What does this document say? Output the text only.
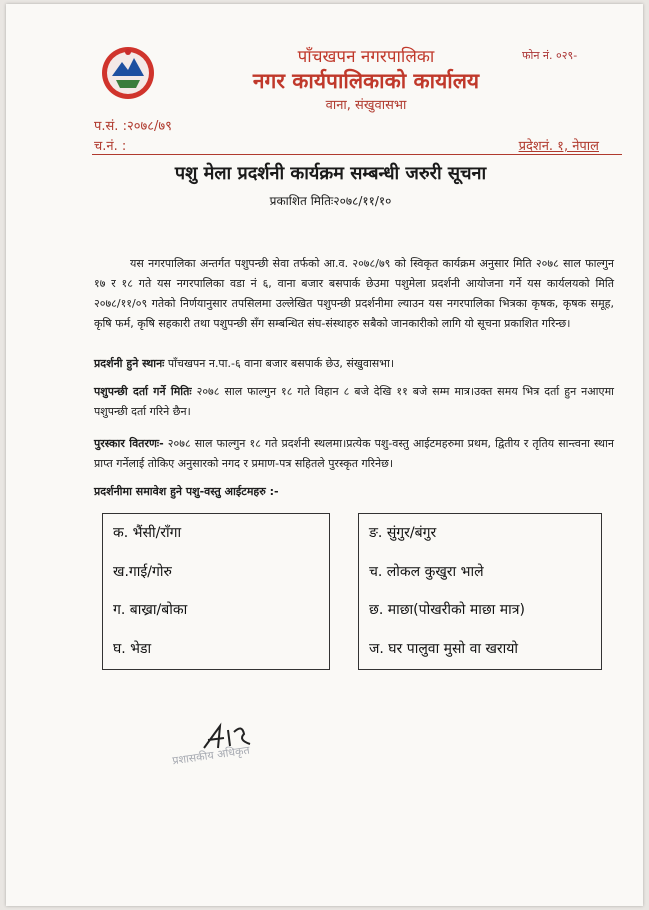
पाँचखपन नगरपालिका
नगर कार्यपालिकाको कार्यालय
वाना, संखुवासभा
फोन नं. ०२९-
प.सं. :२०७८/७९
च.नं. :	प्रदेशनं. १, नेपाल
पशु मेला प्रदर्शनी कार्यक्रम सम्बन्धी जरुरी सूचना
प्रकाशित मितिः२०७८/११/१०
यस नगरपालिका अन्तर्गत पशुपन्छी सेवा तर्फको आ.व. २०७८/७९ को स्विकृत कार्यक्रम अनुसार मिति २०७८ साल फाल्गुन १७ र १८ गते यस नगरपालिका वडा नं ६, वाना बजार बसपार्क छेउमा पशुमेला प्रदर्शनी आयोजना गर्ने यस कार्यलयको मिति २०७८/११/०९ गतेको निर्णयानुसार तपसिलमा उल्लेखित पशुपन्छी प्रदर्शनीमा ल्याउन यस नगरपालिका भित्रका कृषक, कृषक समूह, कृषि फर्म, कृषि सहकारी तथा पशुपन्छी सँग सम्बन्धित संघ-संस्थाहरु सबैको जानकारीको लागि यो सूचना प्रकाशित गरिन्छ।
प्रदर्शनी हुने स्थानः पाँचखपन न.पा.-६ वाना बजार बसपार्क छेउ, संखुवासभा।
पशुपन्छी दर्ता गर्ने मितिः २०७८ साल फाल्गुन १८ गते विहान ८ बजे देखि ११ बजे सम्म मात्र।उक्त समय भित्र दर्ता हुन नआएमा पशुपन्छी दर्ता गरिने छैन।
पुरस्कार वितरणः- २०७८ साल फाल्गुन १८ गते प्रदर्शनी स्थलमा।प्रत्येक पशु-वस्तु आईटमहरुमा प्रथम, द्वितीय र तृतिय सान्त्वना स्थान प्राप्त गर्नेलाई तोकिए अनुसारको नगद र प्रमाण-पत्र सहितले पुरस्कृत गरिनेछ।
प्रदर्शनीमा समावेश हुने पशु-वस्तु आईटमहरु :-
क. भैंसी/राँगा
ख.गाई/गोरु
ग. बाख्रा/बोका
घ. भेडा
ङ. सुंगुर/बंगुर
च. लोकल कुखुरा भाले
छ. माछा(पोखरीको माछा मात्र)
ज. घर पालुवा मुसो वा खरायो
प्रशासकीय अधिकृत
